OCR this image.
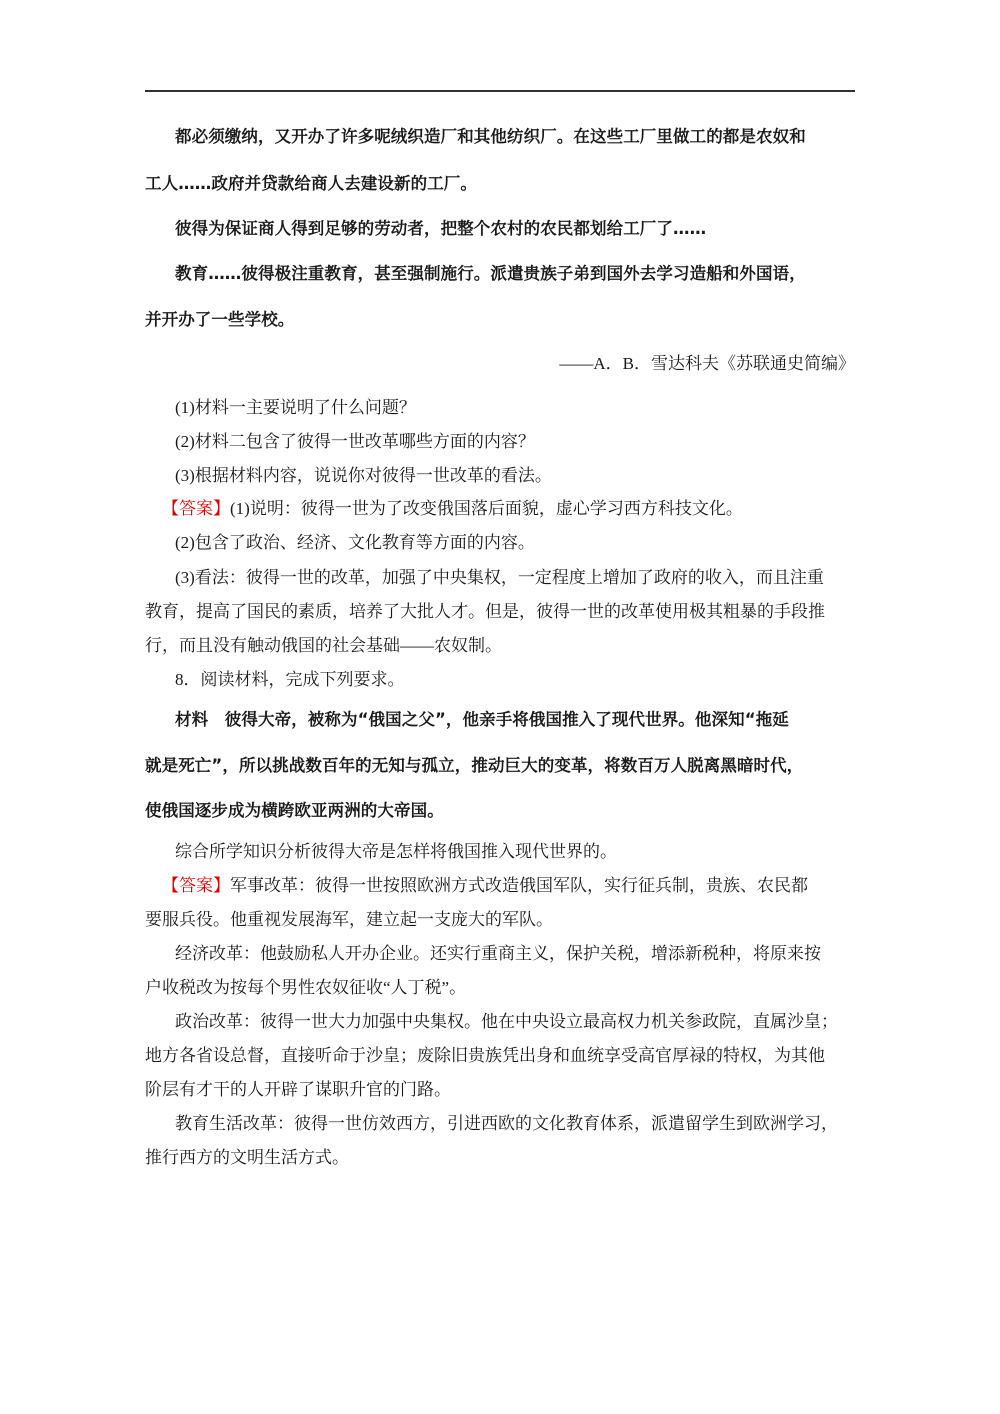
都必须缴纳，又开办了许多呢绒织造厂和其他纺织厂。在这些工厂里做工的都是农奴和
工人……政府并贷款给商人去建设新的工厂。
彼得为保证商人得到足够的劳动者，把整个农村的农民都划给工厂了……
教育……彼得极注重教育，甚至强制施行。派遣贵族子弟到国外去学习造船和外国语，
并开办了一些学校。
——A．B．雪达科夫《苏联通史简编》
(1)材料一主要说明了什么问题？
(2)材料二包含了彼得一世改革哪些方面的内容？
(3)根据材料内容，说说你对彼得一世改革的看法。
【答案】(1)说明：彼得一世为了改变俄国落后面貌，虚心学习西方科技文化。
(2)包含了政治、经济、文化教育等方面的内容。
(3)看法：彼得一世的改革，加强了中央集权，一定程度上增加了政府的收入，而且注重
教育，提高了国民的素质，培养了大批人才。但是，彼得一世的改革使用极其粗暴的手段推
行，而且没有触动俄国的社会基础——农奴制。
8．阅读材料，完成下列要求。
材料　彼得大帝，被称为“俄国之父”，他亲手将俄国推入了现代世界。他深知“拖延
就是死亡”，所以挑战数百年的无知与孤立，推动巨大的变革，将数百万人脱离黑暗时代，
使俄国逐步成为横跨欧亚两洲的大帝国。
综合所学知识分析彼得大帝是怎样将俄国推入现代世界的。
【答案】军事改革：彼得一世按照欧洲方式改造俄国军队，实行征兵制，贵族、农民都
要服兵役。他重视发展海军，建立起一支庞大的军队。
经济改革：他鼓励私人开办企业。还实行重商主义，保护关税，增添新税种，将原来按
户收税改为按每个男性农奴征收“人丁税”。
政治改革：彼得一世大力加强中央集权。他在中央设立最高权力机关参政院，直属沙皇；
地方各省设总督，直接听命于沙皇；废除旧贵族凭出身和血统享受高官厚禄的特权，为其他
阶层有才干的人开辟了谋职升官的门路。
教育生活改革：彼得一世仿效西方，引进西欧的文化教育体系，派遣留学生到欧洲学习，
推行西方的文明生活方式。
